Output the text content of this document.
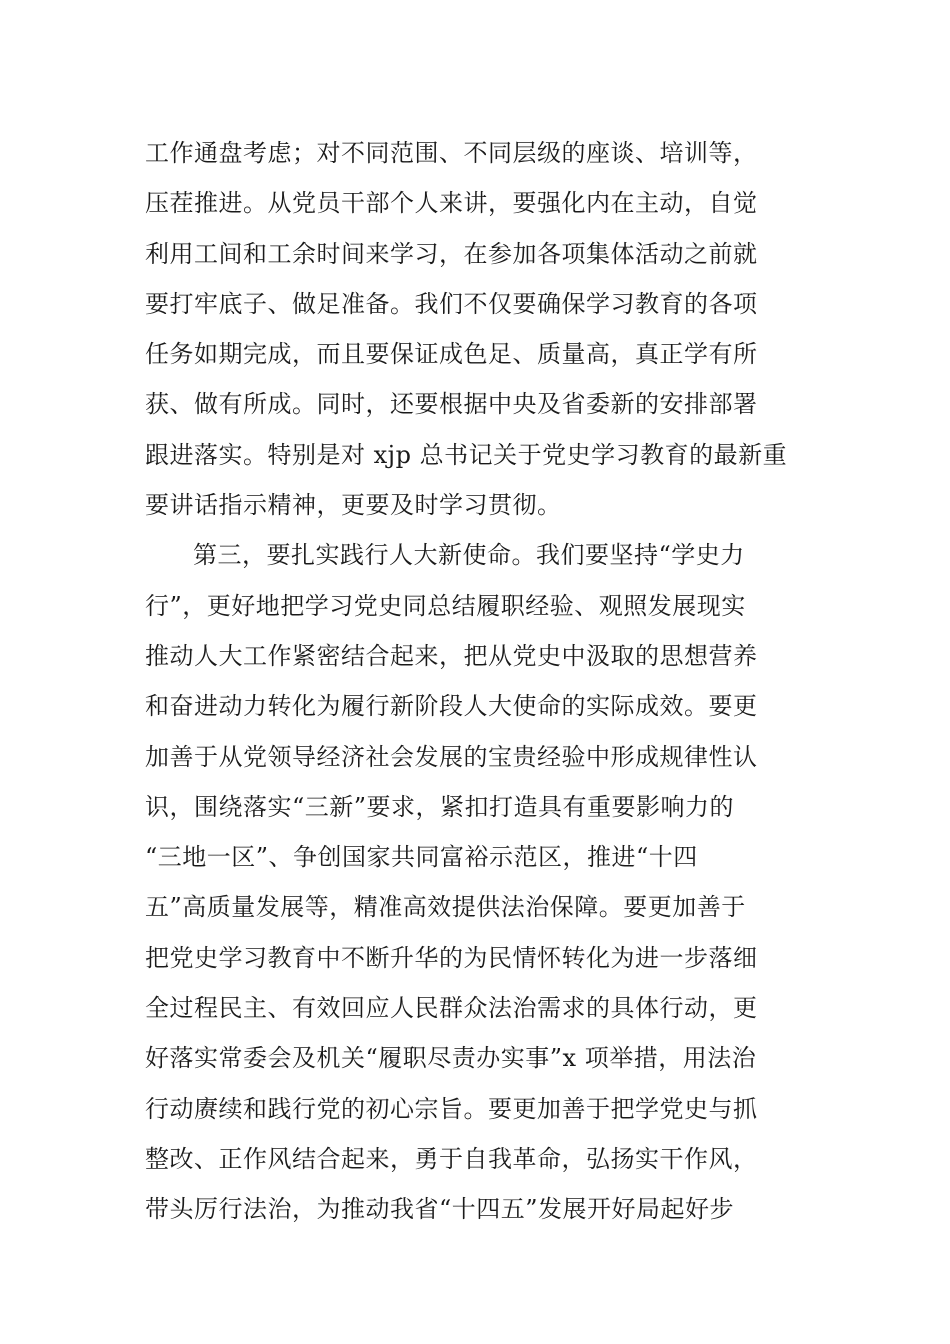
工作通盘考虑；对不同范围、不同层级的座谈、培训等，
压茬推进。从党员干部个人来讲，要强化内在主动，自觉
利用工间和工余时间来学习，在参加各项集体活动之前就
要打牢底子、做足准备。我们不仅要确保学习教育的各项
任务如期完成，而且要保证成色足、质量高，真正学有所
获、做有所成。同时，还要根据中央及省委新的安排部署
跟进落实。特别是对 xjp 总书记关于党史学习教育的最新重
要讲话指示精神，更要及时学习贯彻。
第三，要扎实践行人大新使命。我们要坚持“学史力
行”，更好地把学习党史同总结履职经验、观照发展现实
推动人大工作紧密结合起来，把从党史中汲取的思想营养
和奋进动力转化为履行新阶段人大使命的实际成效。要更
加善于从党领导经济社会发展的宝贵经验中形成规律性认
识，围绕落实“三新”要求，紧扣打造具有重要影响力的
“三地一区”、争创国家共同富裕示范区，推进“十四
五”高质量发展等，精准高效提供法治保障。要更加善于
把党史学习教育中不断升华的为民情怀转化为进一步落细
全过程民主、有效回应人民群众法治需求的具体行动，更
好落实常委会及机关“履职尽责办实事”x 项举措，用法治
行动赓续和践行党的初心宗旨。要更加善于把学党史与抓
整改、正作风结合起来，勇于自我革命，弘扬实干作风，
带头厉行法治，为推动我省“十四五”发展开好局起好步
